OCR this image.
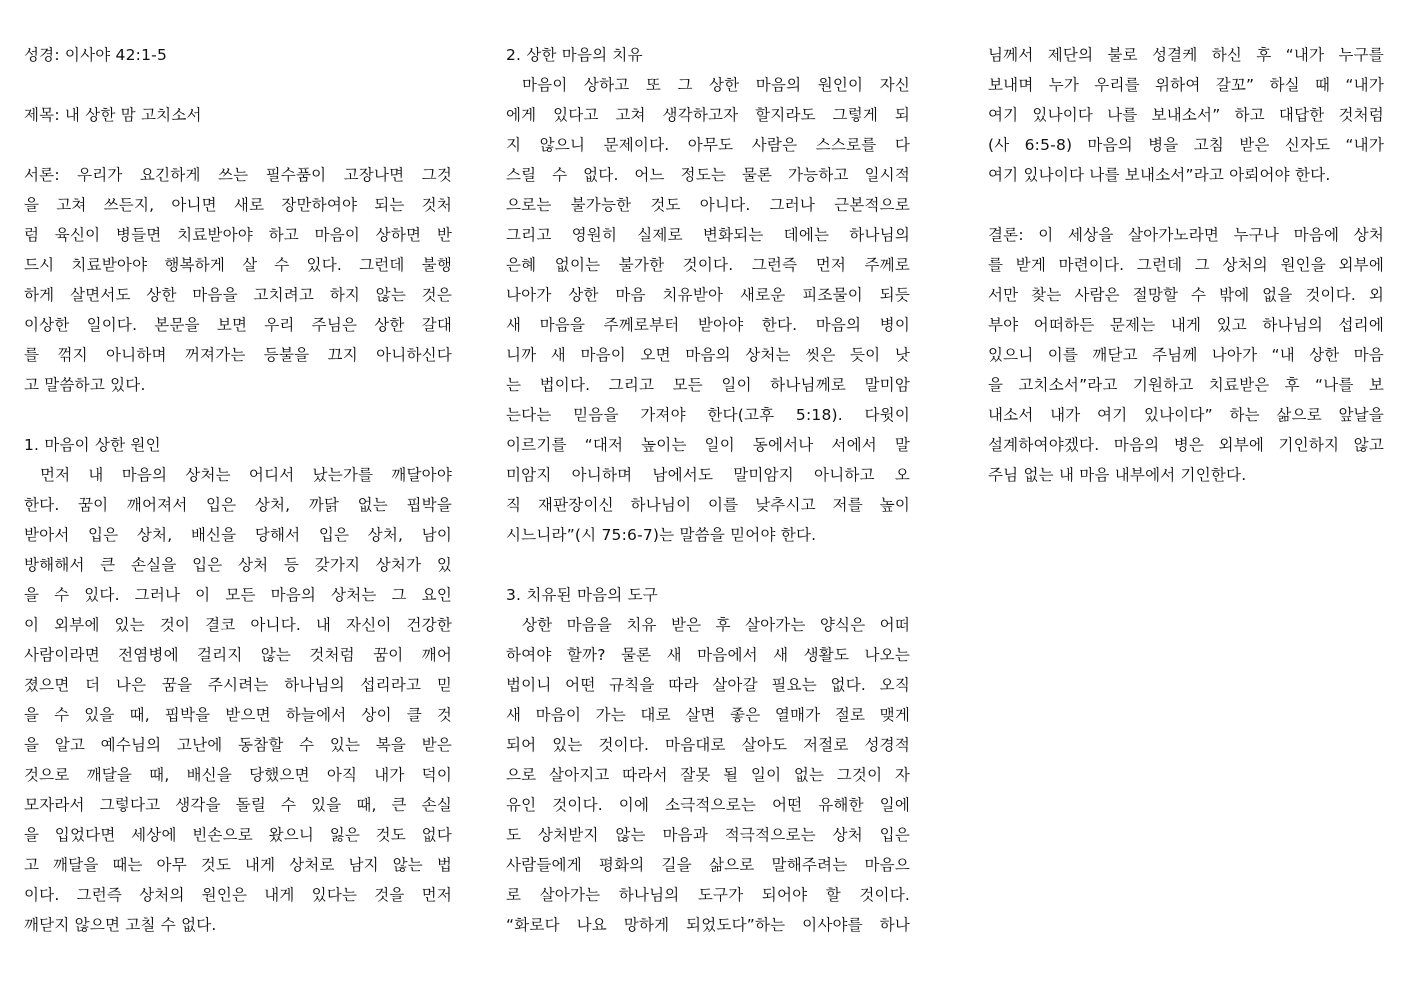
성경: 이사야 42:1-5
제목: 내 상한 맘 고치소서
서론: 우리가 요긴하게 쓰는 필수품이 고장나면 그것
을 고쳐 쓰든지, 아니면 새로 장만하여야 되는 것처
럼 육신이 병들면 치료받아야 하고 마음이 상하면 반
드시 치료받아야 행복하게 살 수 있다. 그런데 불행
하게 살면서도 상한 마음을 고치려고 하지 않는 것은
이상한 일이다. 본문을 보면 우리 주님은 상한 갈대
를 꺾지 아니하며 꺼져가는 등불을 끄지 아니하신다
고 말씀하고 있다.
1. 마음이 상한 원인
먼저 내 마음의 상처는 어디서 났는가를 깨달아야
한다. 꿈이 깨어져서 입은 상처, 까닭 없는 핍박을
받아서 입은 상처, 배신을 당해서 입은 상처, 남이
방해해서 큰 손실을 입은 상처 등 갖가지 상처가 있
을 수 있다. 그러나 이 모든 마음의 상처는 그 요인
이 외부에 있는 것이 결코 아니다. 내 자신이 건강한
사람이라면 전염병에 걸리지 않는 것처럼 꿈이 깨어
졌으면 더 나은 꿈을 주시려는 하나님의 섭리라고 믿
을 수 있을 때, 핍박을 받으면 하늘에서 상이 클 것
을 알고 예수님의 고난에 동참할 수 있는 복을 받은
것으로 깨달을 때, 배신을 당했으면 아직 내가 덕이
모자라서 그렇다고 생각을 돌릴 수 있을 때, 큰 손실
을 입었다면 세상에 빈손으로 왔으니 잃은 것도 없다
고 깨달을 때는 아무 것도 내게 상처로 남지 않는 법
이다. 그런즉 상처의 원인은 내게 있다는 것을 먼저
깨닫지 않으면 고칠 수 없다.
2. 상한 마음의 치유
마음이 상하고 또 그 상한 마음의 원인이 자신
에게 있다고 고쳐 생각하고자 할지라도 그렇게 되
지 않으니 문제이다. 아무도 사람은 스스로를 다
스릴 수 없다. 어느 정도는 물론 가능하고 일시적
으로는 불가능한 것도 아니다. 그러나 근본적으로
그리고 영원히 실제로 변화되는 데에는 하나님의
은혜 없이는 불가한 것이다. 그런즉 먼저 주께로
나아가 상한 마음 치유받아 새로운 피조물이 되듯
새 마음을 주께로부터 받아야 한다. 마음의 병이
니까 새 마음이 오면 마음의 상처는 씻은 듯이 낫
는 법이다. 그리고 모든 일이 하나님께로 말미암
는다는 믿음을 가져야 한다(고후 5:18). 다윗이
이르기를 “대저 높이는 일이 동에서나 서에서 말
미암지 아니하며 남에서도 말미암지 아니하고 오
직 재판장이신 하나님이 이를 낮추시고 저를 높이
시느니라”(시 75:6-7)는 말씀을 믿어야 한다.
3. 치유된 마음의 도구
상한 마음을 치유 받은 후 살아가는 양식은 어떠
하여야 할까? 물론 새 마음에서 새 생활도 나오는
법이니 어떤 규칙을 따라 살아갈 필요는 없다. 오직
새 마음이 가는 대로 살면 좋은 열매가 절로 맺게
되어 있는 것이다. 마음대로 살아도 저절로 성경적
으로 살아지고 따라서 잘못 될 일이 없는 그것이 자
유인 것이다. 이에 소극적으로는 어떤 유해한 일에
도 상처받지 않는 마음과 적극적으로는 상처 입은
사람들에게 평화의 길을 삶으로 말해주려는 마음으
로 살아가는 하나님의 도구가 되어야 할 것이다.
“화로다 나요 망하게 되었도다”하는 이사야를 하나
님께서 제단의 불로 성결케 하신 후 “내가 누구를
보내며 누가 우리를 위하여 갈꼬” 하실 때 “내가
여기 있나이다 나를 보내소서” 하고 대답한 것처럼
(사 6:5-8) 마음의 병을 고침 받은 신자도 “내가
여기 있나이다 나를 보내소서”라고 아뢰어야 한다.
결론: 이 세상을 살아가노라면 누구나 마음에 상처
를 받게 마련이다. 그런데 그 상처의 원인을 외부에
서만 찾는 사람은 절망할 수 밖에 없을 것이다. 외
부야 어떠하든 문제는 내게 있고 하나님의 섭리에
있으니 이를 깨닫고 주님께 나아가 “내 상한 마음
을 고치소서”라고 기원하고 치료받은 후 “나를 보
내소서 내가 여기 있나이다” 하는 삶으로 앞날을
설계하여야겠다. 마음의 병은 외부에 기인하지 않고
주님 없는 내 마음 내부에서 기인한다.
